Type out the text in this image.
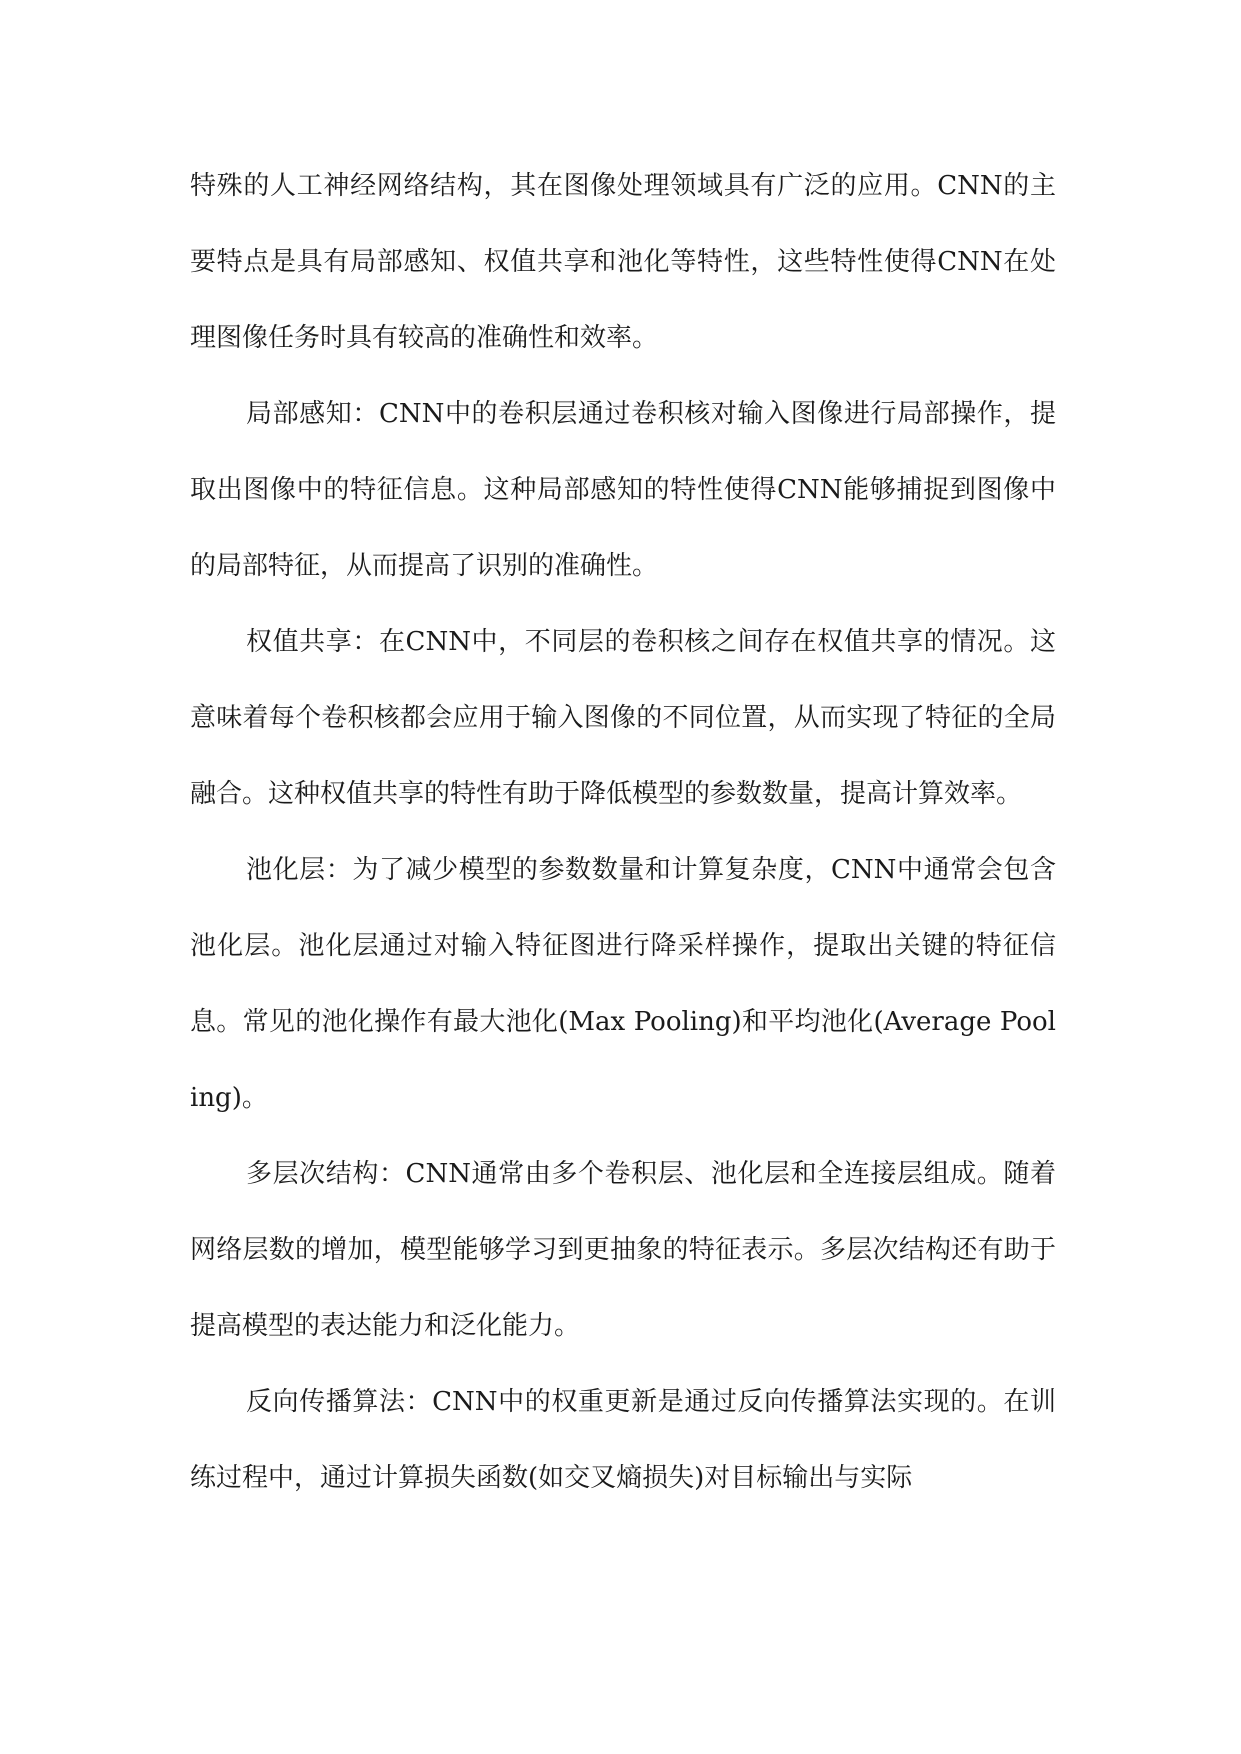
特殊的人工神经网络结构，其在图像处理领域具有广泛的应用。CNN的主要特点是具有局部感知、权值共享和池化等特性，这些特性使得CNN在处理图像任务时具有较高的准确性和效率。

局部感知：CNN中的卷积层通过卷积核对输入图像进行局部操作，提取出图像中的特征信息。这种局部感知的特性使得CNN能够捕捉到图像中的局部特征，从而提高了识别的准确性。

权值共享：在CNN中，不同层的卷积核之间存在权值共享的情况。这意味着每个卷积核都会应用于输入图像的不同位置，从而实现了特征的全局融合。这种权值共享的特性有助于降低模型的参数数量，提高计算效率。

池化层：为了减少模型的参数数量和计算复杂度，CNN中通常会包含池化层。池化层通过对输入特征图进行降采样操作，提取出关键的特征信息。常见的池化操作有最大池化(Max Pooling)和平均池化(Average Pooling)。

多层次结构：CNN通常由多个卷积层、池化层和全连接层组成。随着网络层数的增加，模型能够学习到更抽象的特征表示。多层次结构还有助于提高模型的表达能力和泛化能力。

反向传播算法：CNN中的权重更新是通过反向传播算法实现的。在训练过程中，通过计算损失函数(如交叉熵损失)对目标输出与实际
